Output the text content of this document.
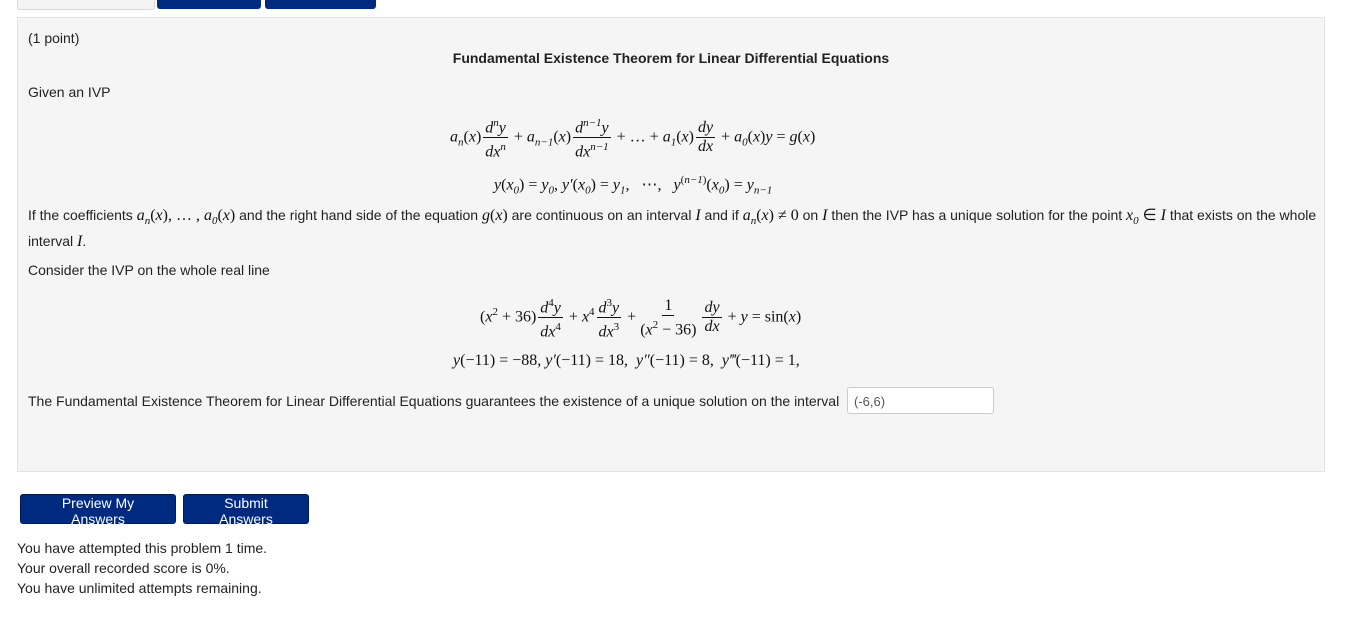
(1 point)
Fundamental Existence Theorem for Linear Differential Equations
Given an IVP
$a_n(x) \frac{d^ny}{dx^n} + a_{n-1}(x) \frac{d^{n-1}y}{dx^{n-1}}$ + … + $a_1(x) \frac{dy}{dx} + a_0(x)y = g(x)$
$y(x_0) = y_0$, $y'(x_0) = y_1$,   ⋯,   $y^{(n-1)}(x_0) = y_{n-1}$
If the coefficients $a_n(x)$, … , $a_0(x)$ and the right hand side of the equation g(x) are continuous on an interval I and if $a_n(x) \ne 0$ on I then the IVP has a unique solution for the point $x_0$ ∈ I that exists on the whole interval I.
Consider the IVP on the whole real line
$(x^2 + 36) \frac{d^4y}{dx^4} + x^4 \frac{d^3y}{dx^3} + \frac{1}{(x^2 - 36)} \frac{dy}{dx} + y = \sin(x)$
y(−11) = −88, y′(−11) = 18,  y″(−11) = 8,  y‴(−11) = 1,
The Fundamental Existence Theorem for Linear Differential Equations guarantees the existence of a unique solution on the interval	(-6,6)
Preview My Answers
Submit Answers
You have attempted this problem 1 time.
Your overall recorded score is 0%.
You have unlimited attempts remaining.
